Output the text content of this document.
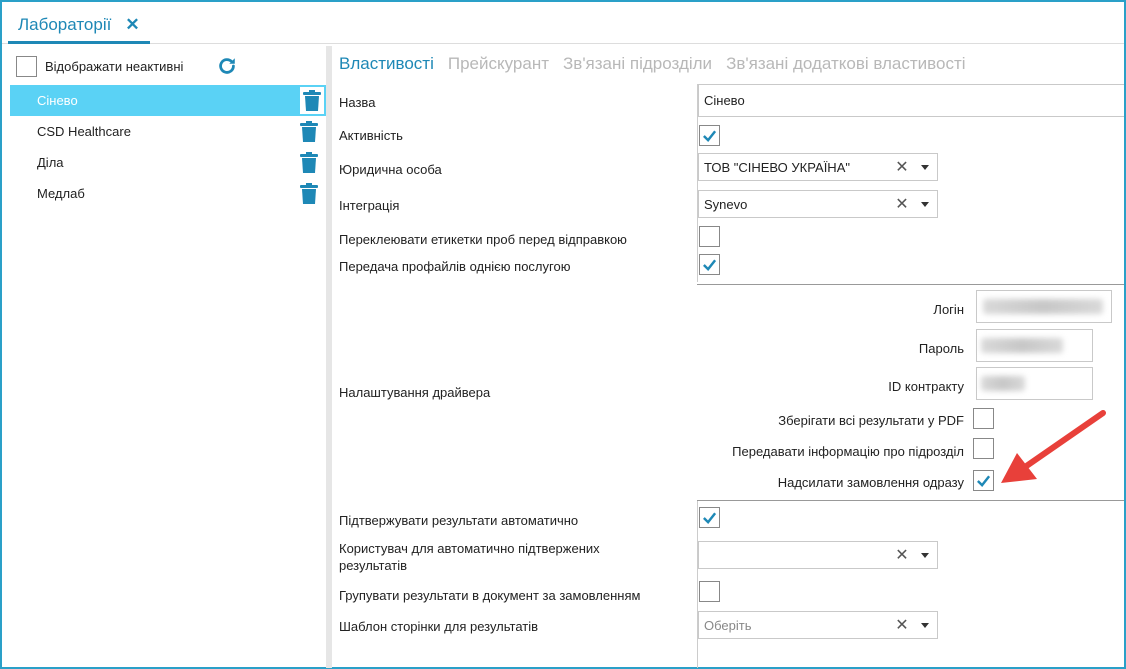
Лабораторії ✕
Відображати неактивні
Сінево
CSD Healthcare
Діла
Медлаб
Властивості Прейскурант Зв'язані підрозділи Зв'язані додаткові властивості
Назва	Сінево
Активність
Юридична особа	ТОВ "СІНЕВО УКРАЇНА"	✕
Інтеграція	Synevo	✕
Переклеювати етикетки проб перед відправкою
Передача профайлів однією послугою
Налаштування драйвера
Логін
Пароль
ID контракту
Зберігати всі результати у PDF
Передавати інформацію про підрозділ
Надсилати замовлення одразу
Підтвержувати результати автоматично
Користувач для автоматично підтвержених результатів
✕
Групувати результати в документ за замовленням
Шаблон сторінки для результатів	Оберіть	✕
